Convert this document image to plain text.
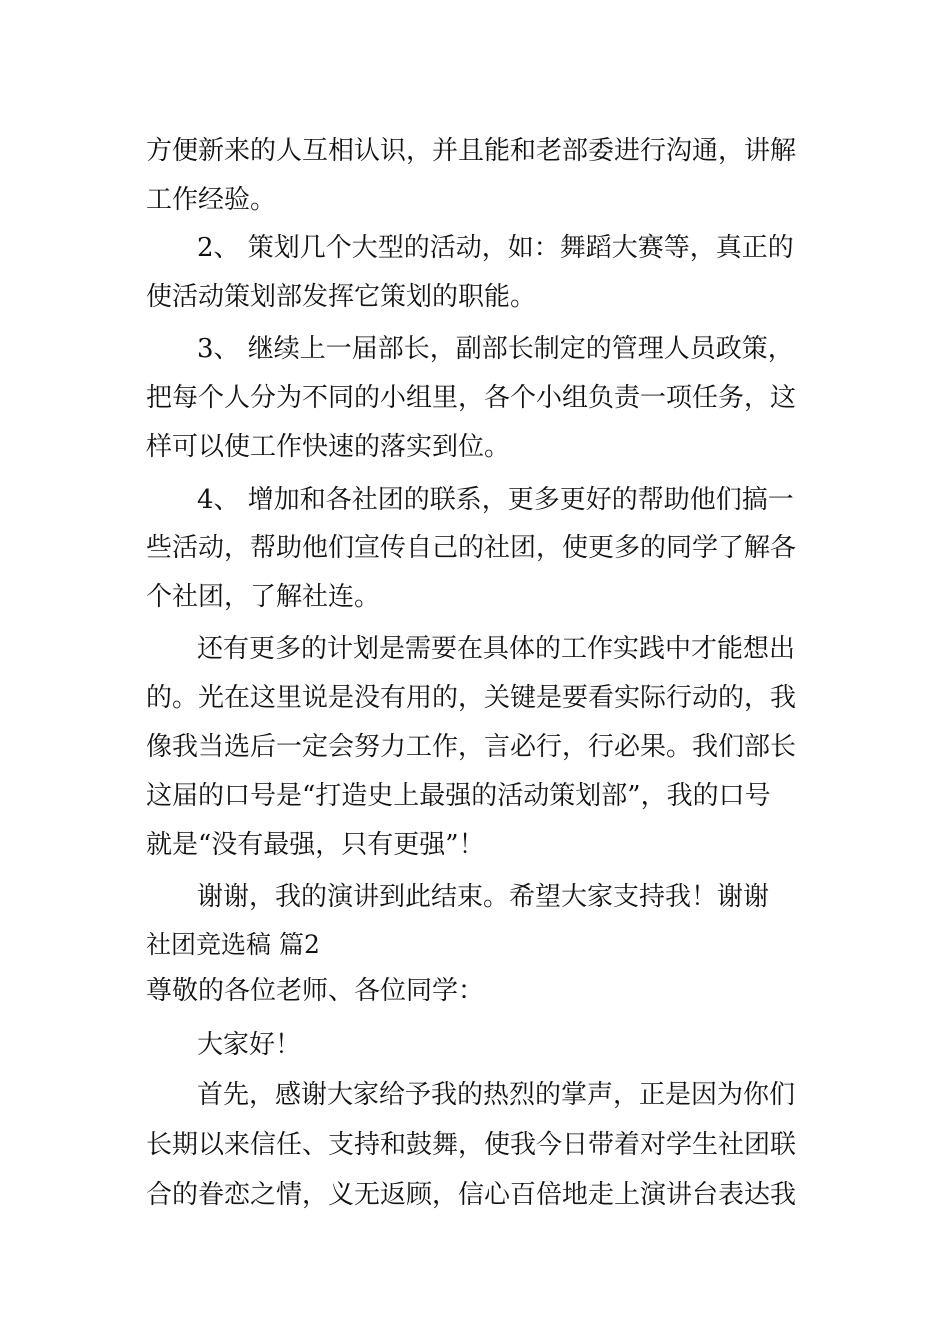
方便新来的人互相认识，并且能和老部委进行沟通，讲解
工作经验。
2、 策划几个大型的活动，如：舞蹈大赛等，真正的
使活动策划部发挥它策划的职能。
3、 继续上一届部长，副部长制定的管理人员政策，
把每个人分为不同的小组里，各个小组负责一项任务，这
样可以使工作快速的落实到位。
4、 增加和各社团的联系，更多更好的帮助他们搞一
些活动，帮助他们宣传自己的社团，使更多的同学了解各
个社团，了解社连。
还有更多的计划是需要在具体的工作实践中才能想出
的。光在这里说是没有用的，关键是要看实际行动的，我
像我当选后一定会努力工作，言必行，行必果。我们部长
这届的口号是“打造史上最强的活动策划部”，我的口号
就是“没有最强，只有更强”！
谢谢，我的演讲到此结束。希望大家支持我！谢谢
社团竞选稿 篇2
尊敬的各位老师、各位同学：
大家好！
首先，感谢大家给予我的热烈的掌声，正是因为你们
长期以来信任、支持和鼓舞，使我今日带着对学生社团联
合的眷恋之情，义无返顾，信心百倍地走上演讲台表达我
